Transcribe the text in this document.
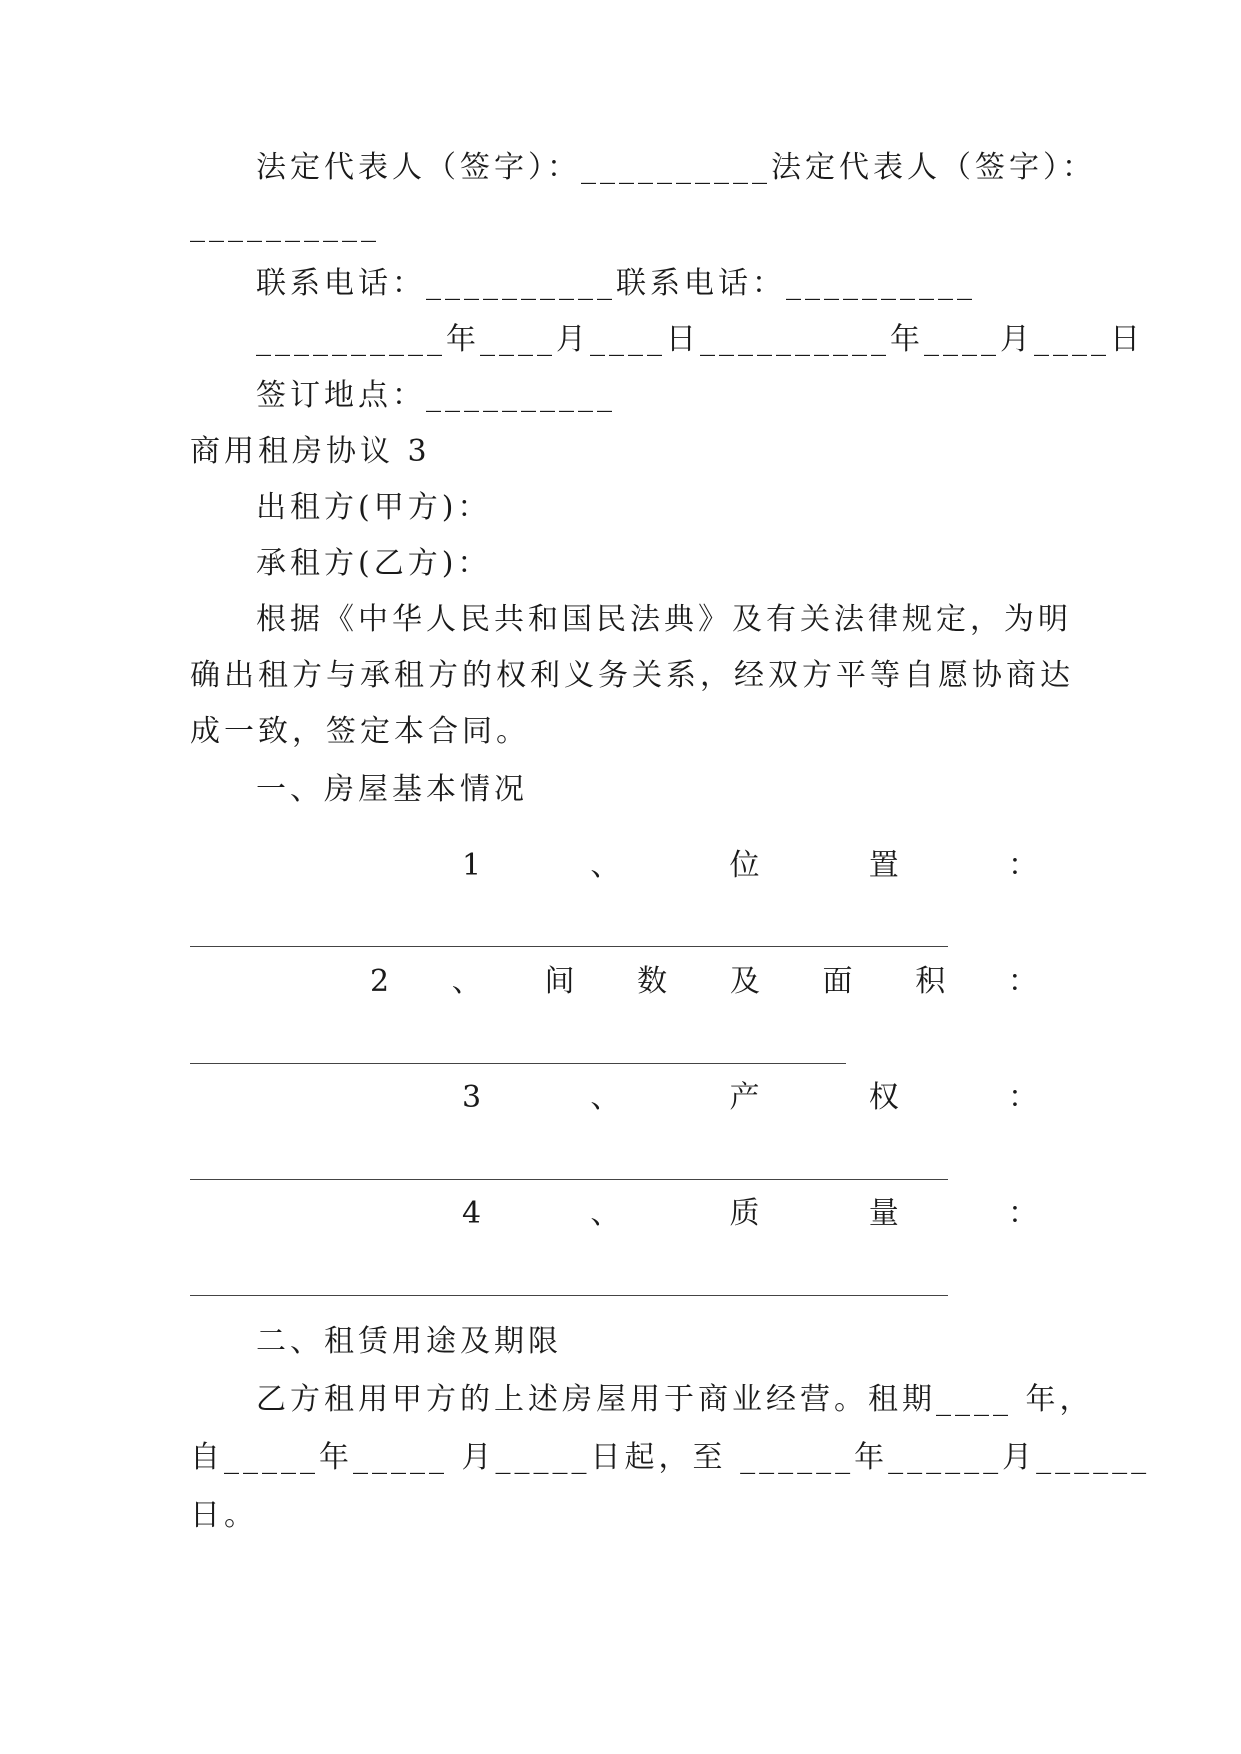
法定代表人（签字）：__________法定代表人（签字）：
__________
联系电话：__________联系电话：__________
__________年____月____日__________年____月____日
签订地点：__________
商用租房协议 3
出租方(甲方)：
承租方(乙方)：
根据《中华人民共和国民法典》及有关法律规定，为明
确出租方与承租方的权利义务关系，经双方平等自愿协商达
成一致，签定本合同。
一、房屋基本情况
1	、	位	置	：
2 、 间 数 及 面 积 ：
3	、	产	权	：
4	、	质	量	：
二、租赁用途及期限
乙方租用甲方的上述房屋用于商业经营。租期____ 年，
自_____年_____ 月_____日起，至 ______年______月______
日。
